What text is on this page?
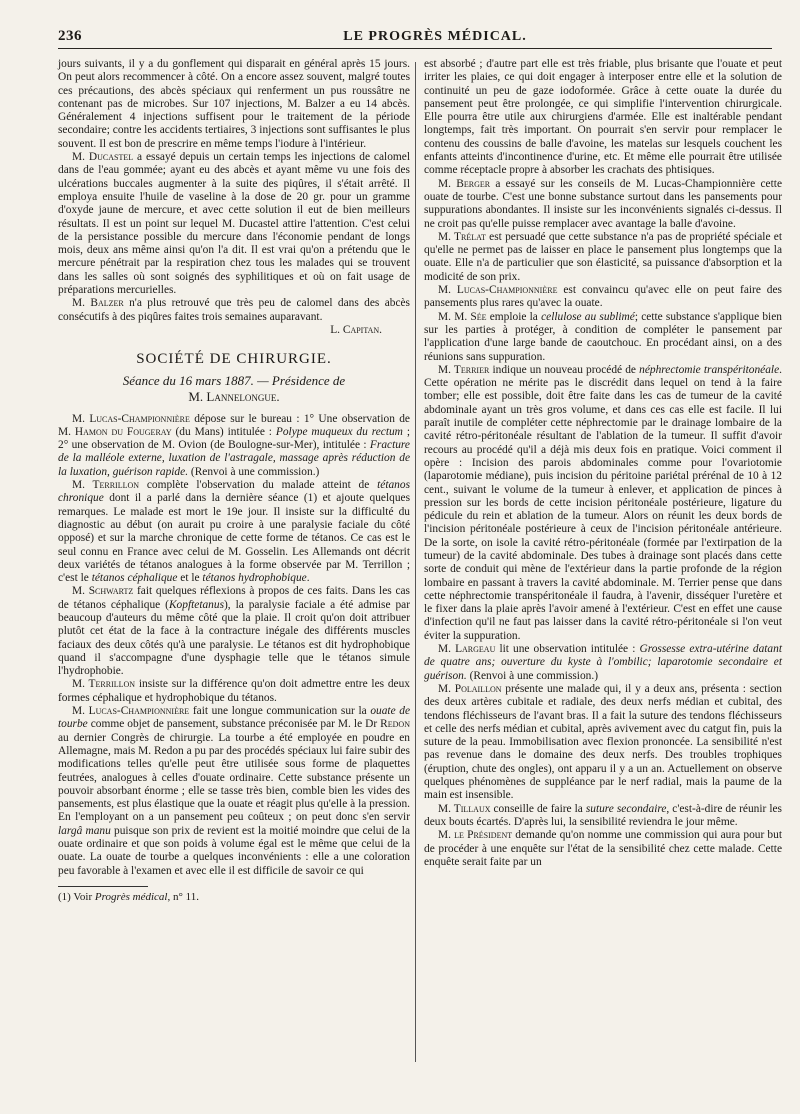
236	LE PROGRÈS MÉDICAL.

jours suivants, il y a du gonflement qui disparait en général après 15 jours. On peut alors recommencer à côté. On a encore assez souvent, malgré toutes ces précautions, des abcès spéciaux qui renferment un pus roussâtre ne contenant pas de microbes. Sur 107 injections, M. Balzer a eu 14 abcès. Généralement 4 injections suffisent pour le traitement de la période secondaire; contre les accidents tertiaires, 3 injections sont suffisantes le plus souvent. Il est bon de prescrire en même temps l'iodure à l'intérieur.

M. Ducastel a essayé depuis un certain temps les injections de calomel dans de l'eau gommée; ayant eu des abcès et ayant même vu une fois des ulcérations buccales augmenter à la suite des piqûres, il s'était arrêté. Il employa ensuite l'huile de vaseline à la dose de 20 gr. pour un gramme d'oxyde jaune de mercure, et avec cette solution il eut de bien meilleurs résultats. Il est un point sur lequel M. Ducastel attire l'attention. C'est celui de la persistance possible du mercure dans l'économie pendant de longs mois, deux ans même ainsi qu'on l'a dit. Il est vrai qu'on a prétendu que le mercure pénétrait par la respiration chez tous les malades qui se trouvent dans les salles où sont soignés des syphilitiques et où on fait usage de préparations mercurielles.

M. Balzer n'a plus retrouvé que très peu de calomel dans des abcès consécutifs à des piqûres faites trois semaines auparavant.

L. Capitan.

SOCIÉTÉ DE CHIRURGIE.
Séance du 16 mars 1887. — Présidence de
M. Lannelongue.

M. Lucas-Championnière dépose sur le bureau : 1° Une observation de M. Hamon du Fougeray (du Mans) intitulée : Polype muqueux du rectum ; 2° une observation de M. Ovion (de Boulogne-sur-Mer), intitulée : Fracture de la malléole externe, luxation de l'astragale, massage après réduction de la luxation, guérison rapide. (Renvoi à une commission.)

M. Terrillon complète l'observation du malade atteint de tétanos chronique dont il a parlé dans la dernière séance (1) et ajoute quelques remarques. Le malade est mort le 19e jour. Il insiste sur la difficulté du diagnostic au début (on aurait pu croire à une paralysie faciale du côté opposé) et sur la marche chronique de cette forme de tétanos. Ce cas est le seul connu en France avec celui de M. Gosselin. Les Allemands ont décrit deux variétés de tétanos analogues à la forme observée par M. Terrillon ; c'est le tétanos céphalique et le tétanos hydrophobique.

M. Schwartz fait quelques réflexions à propos de ces faits. Dans les cas de tétanos céphalique (Kopftetanus), la paralysie faciale a été admise par beaucoup d'auteurs du même côté que la plaie. Il croit qu'on doit attribuer plutôt cet état de la face à la contracture inégale des différents muscles faciaux des deux côtés qu'à une paralysie. Le tétanos est dit hydrophobique quand il s'accompagne d'une dysphagie telle que le tétanos simule l'hydrophobie.

M. Terrillon insiste sur la différence qu'on doit admettre entre les deux formes céphalique et hydrophobique du tétanos.

M. Lucas-Championnière fait une longue communication sur la ouate de tourbe comme objet de pansement, substance préconisée par M. le Dr Redon au dernier Congrès de chirurgie. La tourbe a été employée en poudre en Allemagne, mais M. Redon a pu par des procédés spéciaux lui faire subir des modifications telles qu'elle peut être utilisée sous forme de plaquettes feutrées, analogues à celles d'ouate ordinaire. Cette substance présente un pouvoir absorbant énorme ; elle se tasse très bien, comble bien les vides des pansements, est plus élastique que la ouate et réagit plus qu'elle à la pression. En l'employant on a un pansement peu coûteux ; on peut donc s'en servir largâ manu puisque son prix de revient est la moitié moindre que celui de la ouate ordinaire et que son poids à volume égal est le même que celui de la ouate. La ouate de tourbe a quelques inconvénients : elle a une coloration peu favorable à l'examen et avec elle il est difficile de savoir ce qui

(1) Voir Progrès médical, n° 11.

est absorbé ; d'autre part elle est très friable, plus brisante que l'ouate et peut irriter les plaies, ce qui doit engager à interposer entre elle et la solution de continuité un peu de gaze iodoformée. Grâce à cette ouate la durée du pansement peut être prolongée, ce qui simplifie l'intervention chirurgicale. Elle pourra être utile aux chirurgiens d'armée. Elle est inaltérable pendant longtemps, fait très important. On pourrait s'en servir pour remplacer le contenu des coussins de balle d'avoine, les matelas sur lesquels couchent les enfants atteints d'incontinence d'urine, etc. Et même elle pourrait être utilisée comme réceptacle propre à absorber les crachats des phtisiques.

M. Berger a essayé sur les conseils de M. Lucas-Championnière cette ouate de tourbe. C'est une bonne substance surtout dans les pansements pour suppurations abondantes. Il insiste sur les inconvénients signalés ci-dessus. Il ne croit pas qu'elle puisse remplacer avec avantage la balle d'avoine.

M. Trélat est persuadé que cette substance n'a pas de propriété spéciale et qu'elle ne permet pas de laisser en place le pansement plus longtemps que la ouate. Elle n'a de particulier que son élasticité, sa puissance d'absorption et la modicité de son prix.

M. Lucas-Championnière est convaincu qu'avec elle on peut faire des pansements plus rares qu'avec la ouate.

M. M. Sée emploie la cellulose au sublimé; cette substance s'applique bien sur les parties à protéger, à condition de compléter le pansement par l'application d'une large bande de caoutchouc. En procédant ainsi, on a des réunions sans suppuration.

M. Terrier indique un nouveau procédé de néphrectomie transpéritonéale. Cette opération ne mérite pas le discrédit dans lequel on tend à la faire tomber; elle est possible, doit être faite dans les cas de tumeur de la cavité abdominale ayant un très gros volume, et dans ces cas elle est facile. Il lui paraît inutile de compléter cette néphrectomie par le drainage lombaire de la cavité rétro-péritonéale résultant de l'ablation de la tumeur. Il suffit d'avoir recours au procédé qu'il a déjà mis deux fois en pratique. Voici comment il opère : Incision des parois abdominales comme pour l'ovariotomie (laparotomie médiane), puis incision du péritoine pariétal prérénal de 10 à 12 cent., suivant le volume de la tumeur à enlever, et application de pinces à pression sur les bords de cette incision péritonéale postérieure, ligature du pédicule du rein et ablation de la tumeur. Alors on réunit les deux bords de l'incision péritonéale postérieure à ceux de l'incision péritonéale antérieure. De la sorte, on isole la cavité rétro-péritonéale (formée par l'extirpation de la tumeur) de la cavité abdominale. Des tubes à drainage sont placés dans cette sorte de conduit qui mène de l'extérieur dans la partie profonde de la région lombaire en passant à travers la cavité abdominale. M. Terrier pense que dans cette néphrectomie transpéritonéale il faudra, à l'avenir, disséquer l'uretère et le fixer dans la plaie après l'avoir amené à l'extérieur. C'est en effet une cause d'infection qu'il ne faut pas laisser dans la cavité rétro-péritonéale si l'on veut éviter la suppuration.

M. Largeau lit une observation intitulée : Grossesse extra-utérine datant de quatre ans; ouverture du kyste à l'ombilic; laparotomie secondaire et guérison. (Renvoi à une commission.)

M. Polaillon présente une malade qui, il y a deux ans, présenta : section des deux artères cubitale et radiale, des deux nerfs médian et cubital, des tendons fléchisseurs de l'avant bras. Il a fait la suture des tendons fléchisseurs et celle des nerfs médian et cubital, après avivement avec du catgut fin, puis la suture de la peau. Immobilisation avec flexion prononcée. La sensibilité n'est pas revenue dans le domaine des deux nerfs. Des troubles trophiques (éruption, chute des ongles), ont apparu il y a un an. Actuellement on observe quelques phénomènes de suppléance par le nerf radial, mais la paume de la main est insensible.

M. Tillaux conseille de faire la suture secondaire, c'est-à-dire de réunir les deux bouts écartés. D'après lui, la sensibilité reviendra le jour même.

M. le Président demande qu'on nomme une commission qui aura pour but de procéder à une enquête sur l'état de la sensibilité chez cette malade. Cette enquête serait faite par un
